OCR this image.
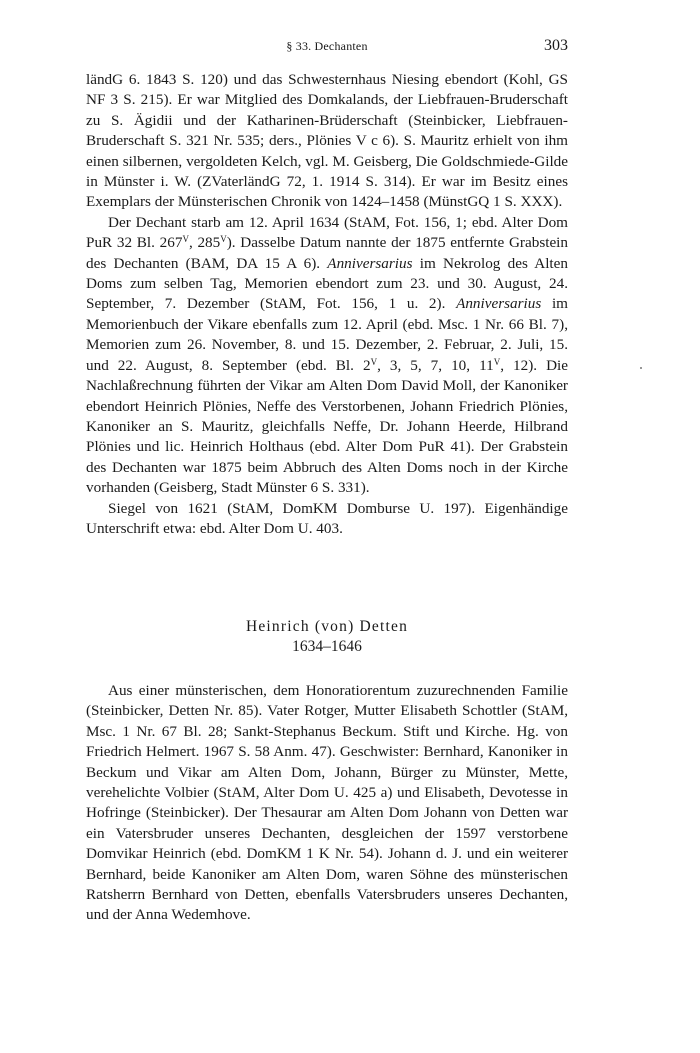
§ 33. Dechanten	303

ländG 6. 1843 S. 120) und das Schwesternhaus Niesing ebendort (Kohl, GS NF 3 S. 215). Er war Mitglied des Domkalands, der Liebfrauen-Bruderschaft zu S. Ägidii und der Katharinen-Brüderschaft (Steinbicker, Liebfrauen-Bruderschaft S. 321 Nr. 535; ders., Plönies V c 6). S. Mauritz erhielt von ihm einen silbernen, vergoldeten Kelch, vgl. M. Geisberg, Die Goldschmiede-Gilde in Münster i. W. (ZVaterländG 72, 1. 1914 S. 314). Er war im Besitz eines Exemplars der Münsterischen Chronik von 1424–1458 (MünstGQ 1 S. XXX).

Der Dechant starb am 12. April 1634 (StAM, Fot. 156, 1; ebd. Alter Dom PuR 32 Bl. $267^V$, $285^V$). Dasselbe Datum nannte der 1875 entfernte Grabstein des Dechanten (BAM, DA 15 A 6). Anniversarius im Nekrolog des Alten Doms zum selben Tag, Memorien ebendort zum 23. und 30. August, 24. September, 7. Dezember (StAM, Fot. 156, 1 u. 2). Anniversarius im Memorienbuch der Vikare ebenfalls zum 12. April (ebd. Msc. 1 Nr. 66 Bl. 7), Memorien zum 26. November, 8. und 15. Dezember, 2. Februar, 2. Juli, 15. und 22. August, 8. September (ebd. Bl. $2^V$, 3, 5, 7, 10, $11^V$, 12). Die Nachlaßrechnung führten der Vikar am Alten Dom David Moll, der Kanoniker ebendort Heinrich Plönies, Neffe des Verstorbenen, Johann Friedrich Plönies, Kanoniker an S. Mauritz, gleichfalls Neffe, Dr. Johann Heerde, Hilbrand Plönies und lic. Heinrich Holthaus (ebd. Alter Dom PuR 41). Der Grabstein des Dechanten war 1875 beim Abbruch des Alten Doms noch in der Kirche vorhanden (Geisberg, Stadt Münster 6 S. 331).

Siegel von 1621 (StAM, DomKM Domburse U. 197). Eigenhändige Unterschrift etwa: ebd. Alter Dom U. 403.

Heinrich (von) Detten
1634–1646

Aus einer münsterischen, dem Honoratiorentum zuzurechnenden Familie (Steinbicker, Detten Nr. 85). Vater Rotger, Mutter Elisabeth Schottler (StAM, Msc. 1 Nr. 67 Bl. 28; Sankt-Stephanus Beckum. Stift und Kirche. Hg. von Friedrich Helmert. 1967 S. 58 Anm. 47). Geschwister: Bernhard, Kanoniker in Beckum und Vikar am Alten Dom, Johann, Bürger zu Münster, Mette, verehelichte Volbier (StAM, Alter Dom U. 425 a) und Elisabeth, Devotesse in Hofringe (Steinbicker). Der Thesaurar am Alten Dom Johann von Detten war ein Vatersbruder unseres Dechanten, desgleichen der 1597 verstorbene Domvikar Heinrich (ebd. DomKM 1 K Nr. 54). Johann d. J. und ein weiterer Bernhard, beide Kanoniker am Alten Dom, waren Söhne des münsterischen Ratsherrn Bernhard von Detten, ebenfalls Vatersbruders unseres Dechanten, und der Anna Wedemhove.
